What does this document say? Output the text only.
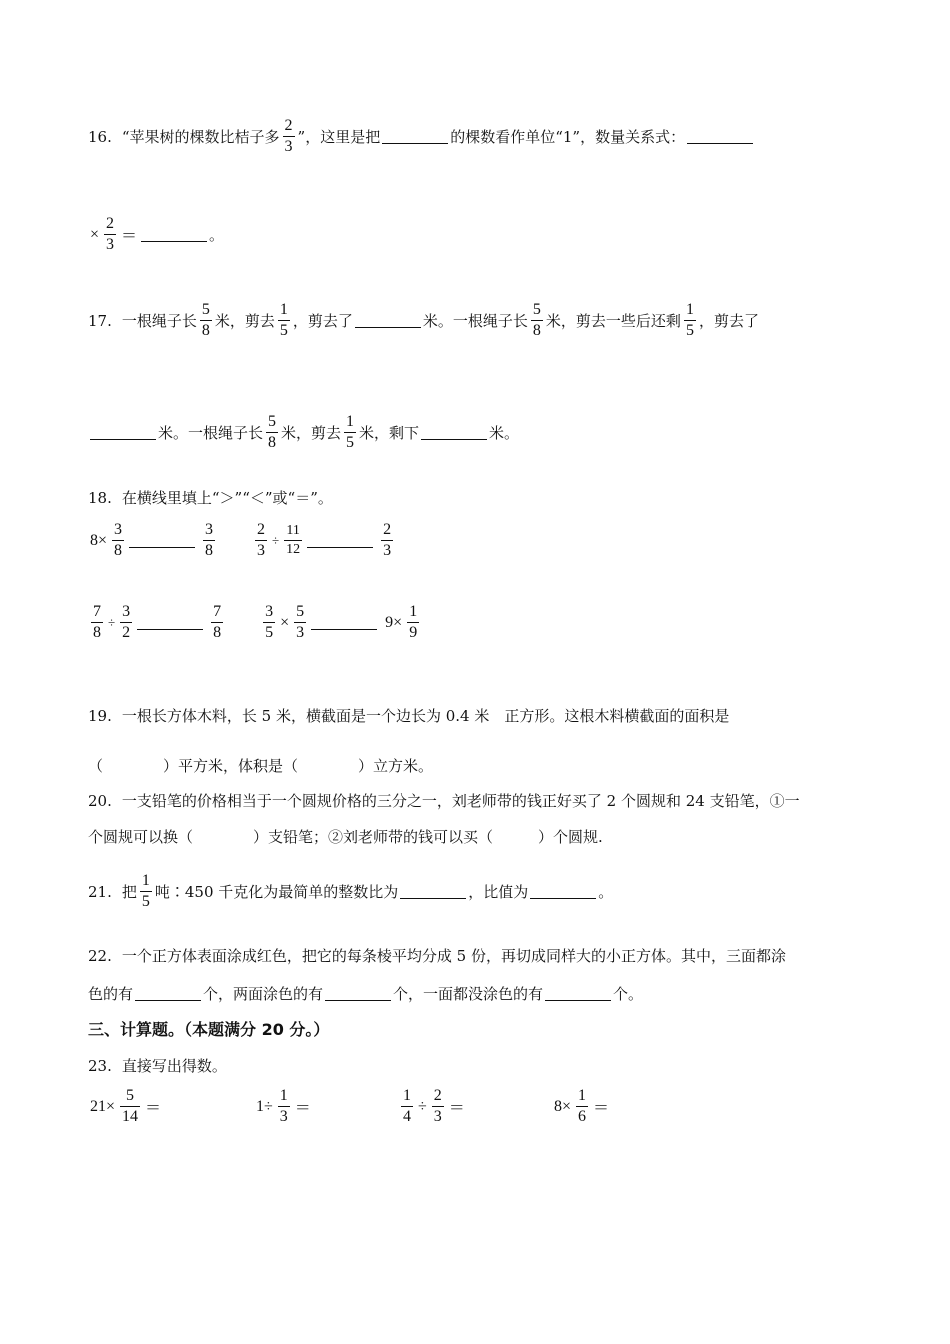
16. “苹果树的棵数比桔子多 $\frac{2}{3}$ ”，这里是把	的棵数看作单位“1”，数量关系式：
× $\frac{2}{3}$ ＝	。
17. 一根绳子长 $\frac{5}{8}$ 米，剪去 $\frac{1}{5}$ ，剪去了	米。一根绳子长 $\frac{5}{8}$ 米，剪去一些后还剩 $\frac{1}{5}$ ，剪去了
米。一根绳子长 $\frac{5}{8}$ 米，剪去 $\frac{1}{5}$ 米，剩下	米。
18. 在横线里填上“＞”“＜”或“＝”。
$8\times \frac{3}{8}$	$\frac{3}{8}$	$\frac{2}{3} \div \frac{11}{12}$	$\frac{2}{3}$
$\frac{7}{8} \div \frac{3}{2}$	$\frac{7}{8}$	$\frac{3}{5} \times \frac{5}{3}$	$9\times \frac{1}{9}$
19. 一根长方体木料，长 5 米，横截面是一个边长为 0.4 米　正方形。这根木料横截面的面积是
（　　　　）平方米，体积是（　　　　）立方米。
20. 一支铅笔的价格相当于一个圆规价格的三分之一，刘老师带的钱正好买了 2 个圆规和 24 支铅笔，①一
个圆规可以换（　　　　）支铅笔；②刘老师带的钱可以买（　　　）个圆规.
21. 把 $\frac{1}{5}$ 吨∶450 千克化为最简单的整数比为	，比值为	。
22. 一个正方体表面涂成红色，把它的每条棱平均分成 5 份，再切成同样大的小正方体。其中，三面都涂
色的有	个，两面涂色的有	个，一面都没涂色的有	个。
三、计算题。（本题满分 20 分。）
23. 直接写出得数。
$21\times \frac{5}{14}$ ＝	$1\div \frac{1}{3}$ ＝	$\frac{1}{4} \div \frac{2}{3}$ ＝	$8\times \frac{1}{6}$ ＝
